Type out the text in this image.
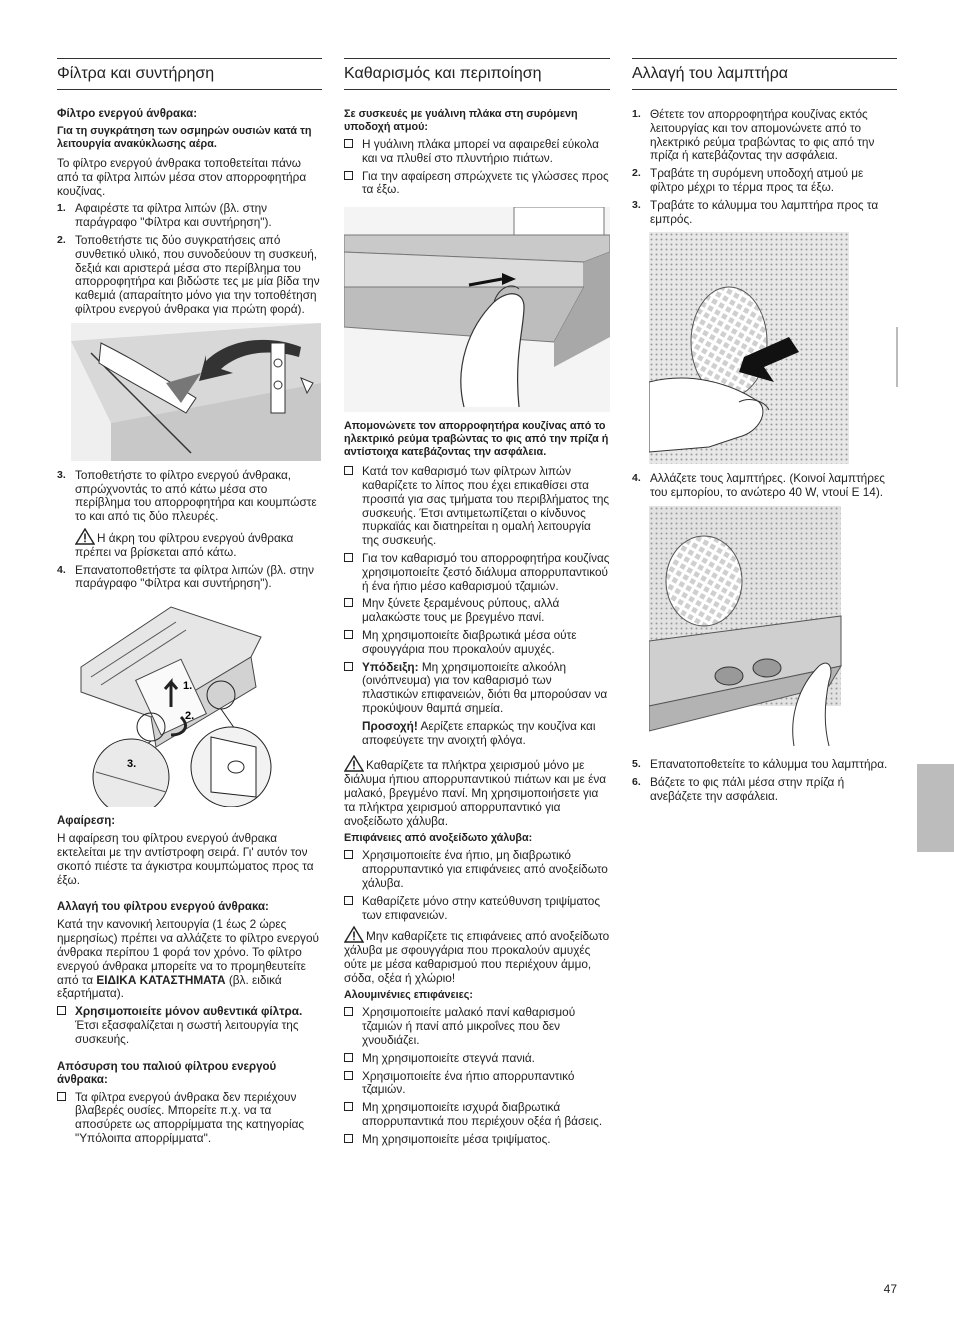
Φίλτρα και συντήρηση
Φίλτρο ενεργού άνθρακα:
Για τη συγκράτηση των οσμηρών ουσιών κατά τη λειτουργία ανακύκλωσης αέρα.

Το φίλτρο ενεργού άνθρακα τοποθετείται πάνω από τα φίλτρα λιπών μέσα στον απορροφητήρα κουζίνας.

1. Αφαιρέστε τα φίλτρα λιπών (βλ. στην παράγραφο "Φίλτρα και συντήρηση").
2. Τοποθετήστε τις δύο συγκρατήσεις από συνθετικό υλικό, που συνοδεύουν τη συσκευή, δεξιά και αριστερά μέσα στο περίβλημα του απορροφητήρα και βιδώστε τες με μία βίδα την καθεμιά (απαραίτητο μόνο για την τοποθέτηση φίλτρου ενεργού άνθρακα για πρώτη φορά).
3. Τοποθετήστε το φίλτρο ενεργού άνθρακα, σπρώχνοντάς το από κάτω μέσα στο περίβλημα του απορροφητήρα και κουμπώστε το και από τις δύο πλευρές.
Η άκρη του φίλτρου ενεργού άνθρακα πρέπει να βρίσκεται από κάτω.
4. Επανατοποθετήστε τα φίλτρα λιπών (βλ. στην παράγραφο "Φίλτρα και συντήρηση").
1.
2.
3.
Αφαίρεση:

Η αφαίρεση του φίλτρου ενεργού άνθρακα εκτελείται με την αντίστροφη σειρά. Γι' αυτόν τον σκοπό πιέστε τα άγκιστρα κουμπώματος προς τα έξω.

Αλλαγή του φίλτρου ενεργού άνθρακα:

Κατά την κανονική λειτουργία (1 έως 2 ώρες ημερησίως) πρέπει να αλλάζετε το φίλτρο ενεργού άνθρακα περίπου 1 φορά τον χρόνο. Το φίλτρο ενεργού άνθρακα μπορείτε να το προμηθευτείτε από τα ΕΙΔΙΚΑ ΚΑΤΑΣΤΗΜΑΤΑ (βλ. ειδικά εξαρτήματα).

Χρησιμοποιείτε μόνον αυθεντικά φίλτρα. Έτσι εξασφαλίζεται η σωστή λειτουργία της συσκευής.
Απόσυρση του παλιού φίλτρου ενεργού άνθρακα:
Τα φίλτρα ενεργού άνθρακα δεν περιέχουν βλαβερές ουσίες. Μπορείτε π.χ. να τα αποσύρετε ως απορρίμματα της κατηγορίας "Υπόλοιπα απορρίμματα".
Καθαρισμός και περιποίηση
Σε συσκευές με γυάλινη πλάκα στη συρόμενη υποδοχή ατμού:
Η γυάλινη πλάκα μπορεί να αφαιρεθεί εύκολα και να πλυθεί στο πλυντήριο πιάτων.
Για την αφαίρεση σπρώχνετε τις γλώσσες προς τα έξω.
Απομονώνετε τον απορροφητήρα κουζίνας από το ηλεκτρικό ρεύμα τραβώντας το φις από την πρίζα ή αντίστοιχα κατεβάζοντας την ασφάλεια.
Κατά τον καθαρισμό των φίλτρων λιπών καθαρίζετε το λίπος που έχει επικαθίσει στα προσιτά για σας τμήματα του περιβλήματος της συσκευής. Έτσι αντιμετωπίζεται ο κίνδυνος πυρκαϊάς και διατηρείται η ομαλή λειτουργία της συσκευής.
Για τον καθαρισμό του απορροφητήρα κουζίνας χρησιμοποιείτε ζεστό διάλυμα απορρυπαντικού ή ένα ήπιο μέσο καθαρισμού τζαμιών.
Μην ξύνετε ξεραμένους ρύπους, αλλά μαλακώστε τους με βρεγμένο πανί.
Μη χρησιμοποιείτε διαβρωτικά μέσα ούτε σφουγγάρια που προκαλούν αμυχές.
Υπόδειξη: Μη χρησιμοποιείτε αλκοόλη (οινόπνευμα) για τον καθαρισμό των πλαστικών επιφανειών, διότι θα μπορούσαν να προκύψουν θαμπά σημεία.
Προσοχή! Αερίζετε επαρκώς την κουζίνα και αποφεύγετε την ανοιχτή φλόγα.

Καθαρίζετε τα πλήκτρα χειρισμού μόνο με διάλυμα ήπιου απορρυπαντικού πιάτων και με ένα μαλακό, βρεγμένο πανί. Μη χρησιμοποιήσετε για τα πλήκτρα χειρισμού απορρυπαντικό για ανοξείδωτο χάλυβα.

Επιφάνειες από ανοξείδωτο χάλυβα:
Χρησιμοποιείτε ένα ήπιο, μη διαβρωτικό απορρυπαντικό για επιφάνειες από ανοξείδωτο χάλυβα.
Καθαρίζετε μόνο στην κατεύθυνση τριψίματος των επιφανειών.

Μην καθαρίζετε τις επιφάνειες από ανοξείδωτο χάλυβα με σφουγγάρια που προκαλούν αμυχές ούτε με μέσα καθαρισμού που περιέχουν άμμο, σόδα, οξέα ή χλώριο!

Αλουμινένιες επιφάνειες:
Χρησιμοποιείτε μαλακό πανί καθαρισμού τζαμιών ή πανί από μικροΐνες που δεν χνουδιάζει.
Μη χρησιμοποιείτε στεγνά πανιά.
Χρησιμοποιείτε ένα ήπιο απορρυπαντικό τζαμιών.
Μη χρησιμοποιείτε ισχυρά διαβρωτικά απορρυπαντικά που περιέχουν οξέα ή βάσεις.
Μη χρησιμοποιείτε μέσα τριψίματος.
Αλλαγή του λαμπτήρα
1. Θέτετε τον απορροφητήρα κουζίνας εκτός λειτουργίας και τον απομονώνετε από το ηλεκτρικό ρεύμα τραβώντας το φις από την πρίζα ή κατεβάζοντας την ασφάλεια.
2. Τραβάτε τη συρόμενη υποδοχή ατμού με φίλτρο μέχρι το τέρμα προς τα έξω.
3. Τραβάτε το κάλυμμα του λαμπτήρα προς τα εμπρός.
4. Αλλάζετε τους λαμπτήρες. (Κοινοί λαμπτήρες του εμπορίου, το ανώτερο 40 W, ντουί E 14).
5. Επανατοποθετείτε το κάλυμμα του λαμπτήρα.
6. Βάζετε το φις πάλι μέσα στην πρίζα ή ανεβάζετε την ασφάλεια.
47
